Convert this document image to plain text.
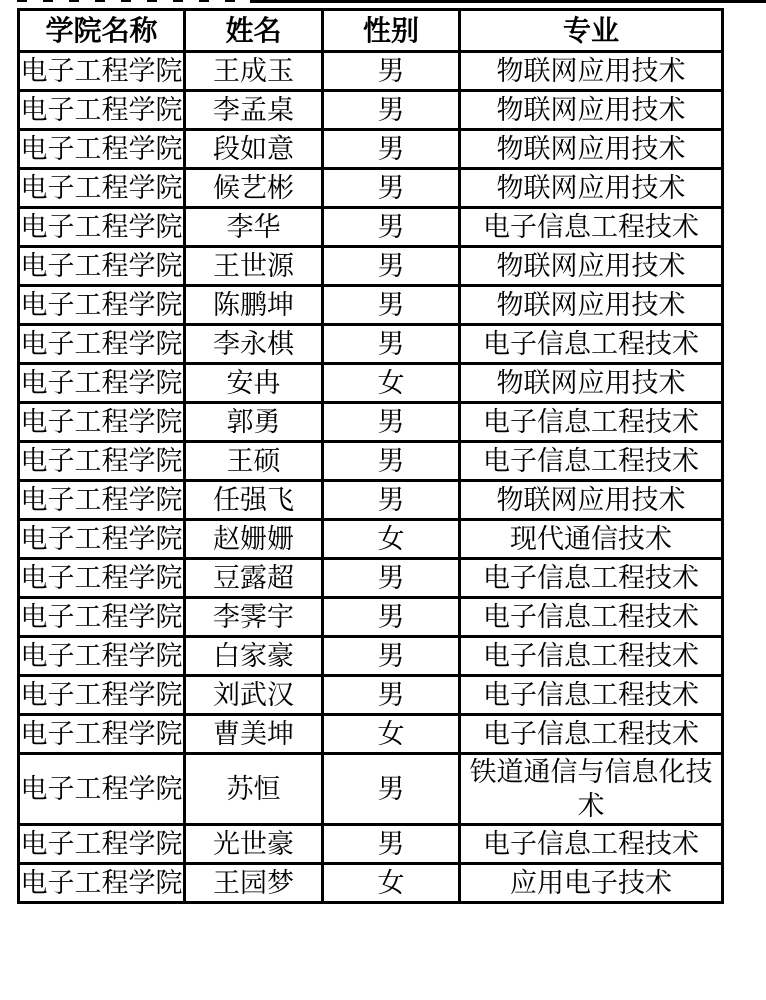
学院名称	姓名	性别	专业
电子工程学院	王成玉	男	物联网应用技术
电子工程学院	李孟桌	男	物联网应用技术
电子工程学院	段如意	男	物联网应用技术
电子工程学院	候艺彬	男	物联网应用技术
电子工程学院	李华	男	电子信息工程技术
电子工程学院	王世源	男	物联网应用技术
电子工程学院	陈鹏坤	男	物联网应用技术
电子工程学院	李永棋	男	电子信息工程技术
电子工程学院	安冉	女	物联网应用技术
电子工程学院	郭勇	男	电子信息工程技术
电子工程学院	王硕	男	电子信息工程技术
电子工程学院	任强飞	男	物联网应用技术
电子工程学院	赵姗姗	女	现代通信技术
电子工程学院	豆露超	男	电子信息工程技术
电子工程学院	李霁宇	男	电子信息工程技术
电子工程学院	白家豪	男	电子信息工程技术
电子工程学院	刘武汉	男	电子信息工程技术
电子工程学院	曹美坤	女	电子信息工程技术
电子工程学院	苏恒	男	铁道通信与信息化技术
电子工程学院	光世豪	男	电子信息工程技术
电子工程学院	王园梦	女	应用电子技术
